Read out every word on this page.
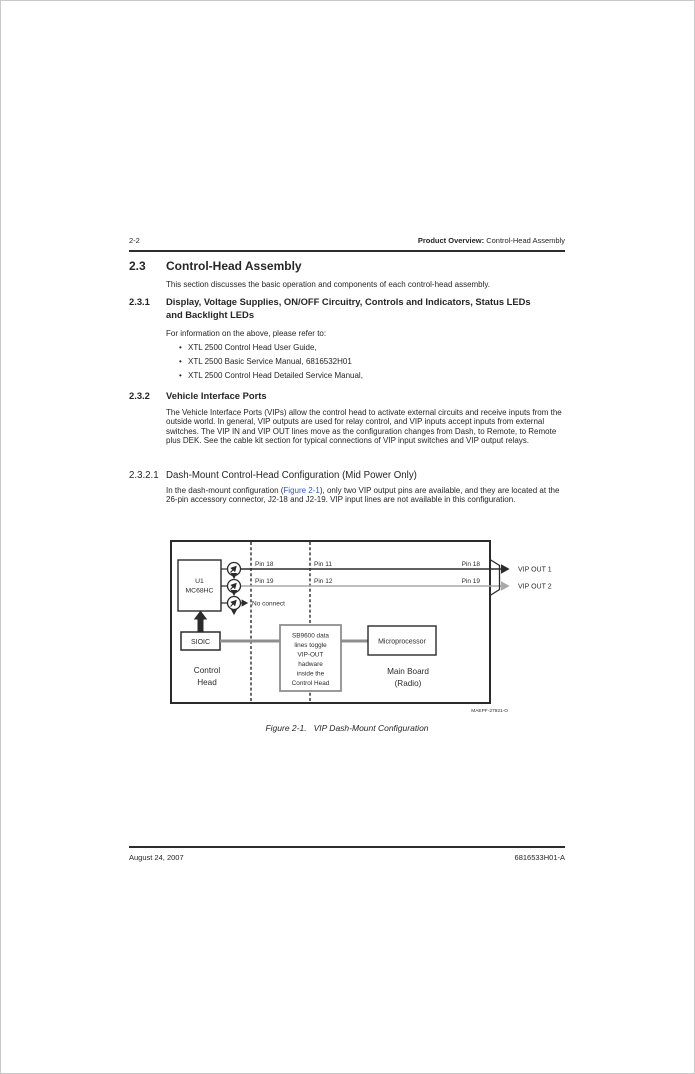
2-2	Product Overview: Control-Head Assembly
2.3	Control-Head Assembly
This section discusses the basic operation and components of each control-head assembly.
2.3.1	Display, Voltage Supplies, ON/OFF Circuitry, Controls and Indicators, Status LEDs and Backlight LEDs
For information on the above, please refer to:
• XTL 2500 Control Head User Guide,
• XTL 2500 Basic Service Manual, 6816532H01
• XTL 2500 Control Head Detailed Service Manual,
2.3.2	Vehicle Interface Ports
The Vehicle Interface Ports (VIPs) allow the control head to activate external circuits and receive inputs from the outside world. In general, VIP outputs are used for relay control, and VIP inputs accept inputs from external switches. The VIP IN and VIP OUT lines move as the configuration changes from Dash, to Remote, to Remote plus DEK. See the cable kit section for typical connections of VIP input switches and VIP output relays.
2.3.2.1 Dash-Mount Control-Head Configuration (Mid Power Only)
In the dash-mount configuration (Figure 2-1), only two VIP output pins are available, and they are located at the 26-pin accessory connector, J2-18 and J2-19. VIP input lines are not available in this configuration.
U1
MC68HC
No connect
Pin 18	Pin 11	Pin 18
Pin 19	Pin 12	Pin 19
VIP OUT 1
VIP OUT 2
SIOIC
SB9600 data
lines toggle
VIP-OUT
hadware
inside the
Control Head
Microprocessor
Control
Head
Main Board
(Radio)
MAEPF-27921-O
Figure 2-1. VIP Dash-Mount Configuration
August 24, 2007	6816533H01-A
